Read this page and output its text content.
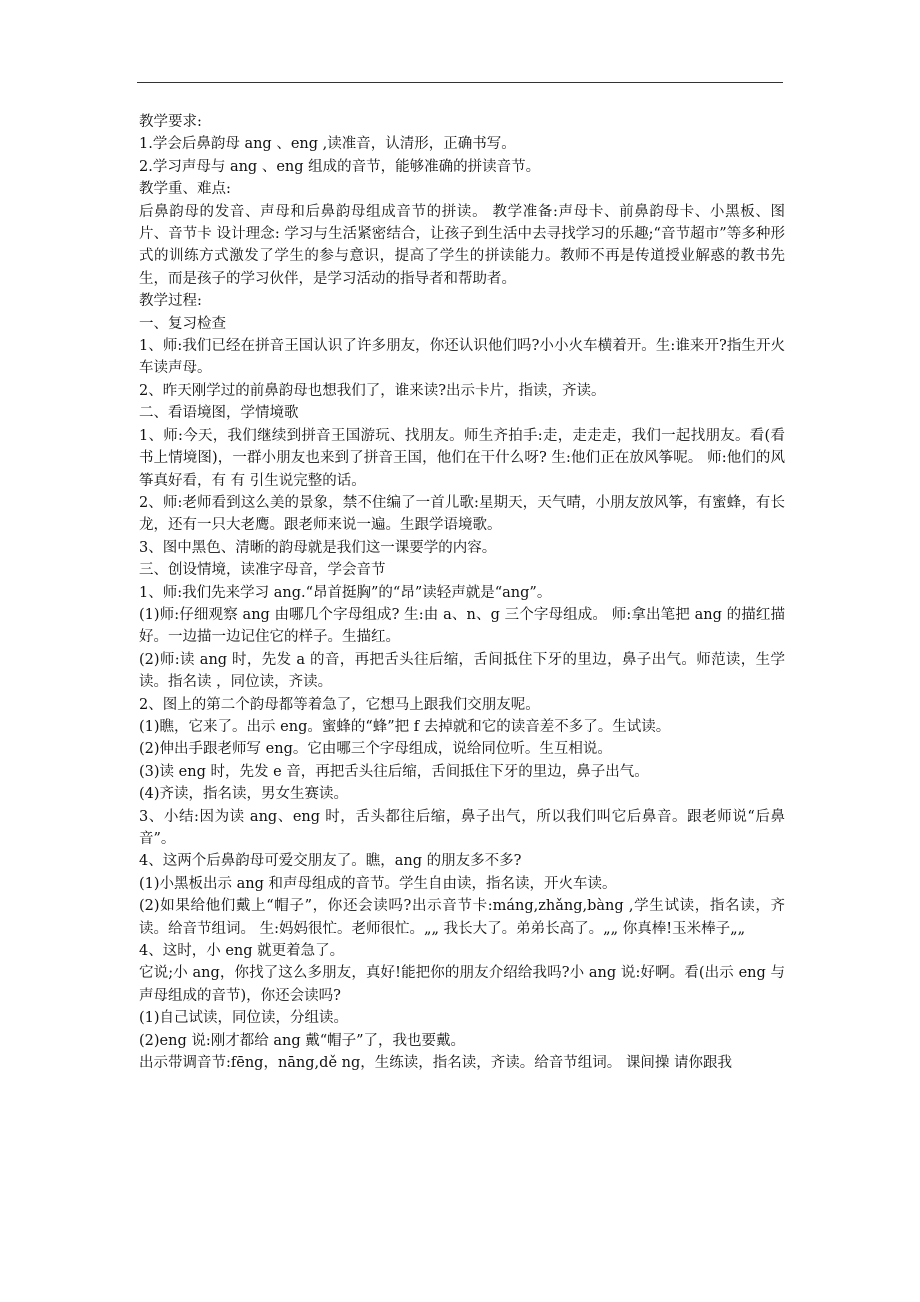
教学要求:

1.学会后鼻韵母 ang 、eng ,读准音，认清形，正确书写。

2.学习声母与 ang 、eng 组成的音节，能够准确的拼读音节。

教学重、难点:

后鼻韵母的发音、声母和后鼻韵母组成音节的拼读。 教学准备:声母卡、前鼻韵母卡、小黑板、图片、音节卡 设计理念: 学习与生活紧密结合，让孩子到生活中去寻找学习的乐趣;“音节超市”等多种形式的训练方式激发了学生的参与意识，提高了学生的拼读能力。教师不再是传道授业解惑的教书先生，而是孩子的学习伙伴，是学习活动的指导者和帮助者。

教学过程:

一、复习检查

1、师:我们已经在拼音王国认识了许多朋友，你还认识他们吗?小小火车横着开。生:谁来开?指生开火车读声母。

2、昨天刚学过的前鼻韵母也想我们了，谁来读?出示卡片，指读，齐读。

二、看语境图，学情境歌

1、师:今天，我们继续到拼音王国游玩、找朋友。师生齐拍手:走，走走走，我们一起找朋友。看(看书上情境图)，一群小朋友也来到了拼音王国，他们在干什么呀? 生:他们正在放风筝呢。 师:他们的风筝真好看，有 有 引生说完整的话。

2、师:老师看到这么美的景象，禁不住编了一首儿歌:星期天，天气晴，小朋友放风筝，有蜜蜂，有长龙，还有一只大老鹰。跟老师来说一遍。生跟学语境歌。

3、图中黑色、清晰的韵母就是我们这一课要学的内容。

三、创设情境，读准字母音，学会音节

1、师:我们先来学习 ang.“昂首挺胸”的“昂”读轻声就是“ang”。

(1)师:仔细观察 ang 由哪几个字母组成? 生:由 a、n、g 三个字母组成。 师:拿出笔把 ang 的描红描好。一边描一边记住它的样子。生描红。

(2)师:读 ang 时，先发 a 的音，再把舌头往后缩，舌间抵住下牙的里边，鼻子出气。师范读，生学读。指名读 ，同位读，齐读。

2、图上的第二个韵母都等着急了，它想马上跟我们交朋友呢。

(1)瞧，它来了。出示 eng。蜜蜂的“蜂”把 f 去掉就和它的读音差不多了。生试读。

(2)伸出手跟老师写 eng。它由哪三个字母组成，说给同位听。生互相说。

(3)读 eng 时，先发 e 音，再把舌头往后缩，舌间抵住下牙的里边，鼻子出气。

(4)齐读，指名读，男女生赛读。

3、小结:因为读 ang、eng 时，舌头都往后缩，鼻子出气，所以我们叫它后鼻音。跟老师说“后鼻音”。

4、这两个后鼻韵母可爱交朋友了。瞧，ang 的朋友多不多?

(1)小黑板出示 ang 和声母组成的音节。学生自由读，指名读，开火车读。

(2)如果给他们戴上“帽子”，你还会读吗?出示音节卡:máng,zhǎng,bàng ,学生试读，指名读，齐读。给音节组词。 生:妈妈很忙。老师很忙。„„ 我长大了。弟弟长高了。„„ 你真棒!玉米棒子„„

4、这时，小 eng 就更着急了。

它说;小 ang，你找了这么多朋友，真好!能把你的朋友介绍给我吗?小 ang 说:好啊。看(出示 eng 与声母组成的音节)，你还会读吗?

(1)自己试读，同位读，分组读。

(2)eng 说:刚才都给 ang 戴“帽子”了，我也要戴。

出示带调音节:fēng，nāng,dě ng，生练读，指名读，齐读。给音节组词。 课间操 请你跟我
